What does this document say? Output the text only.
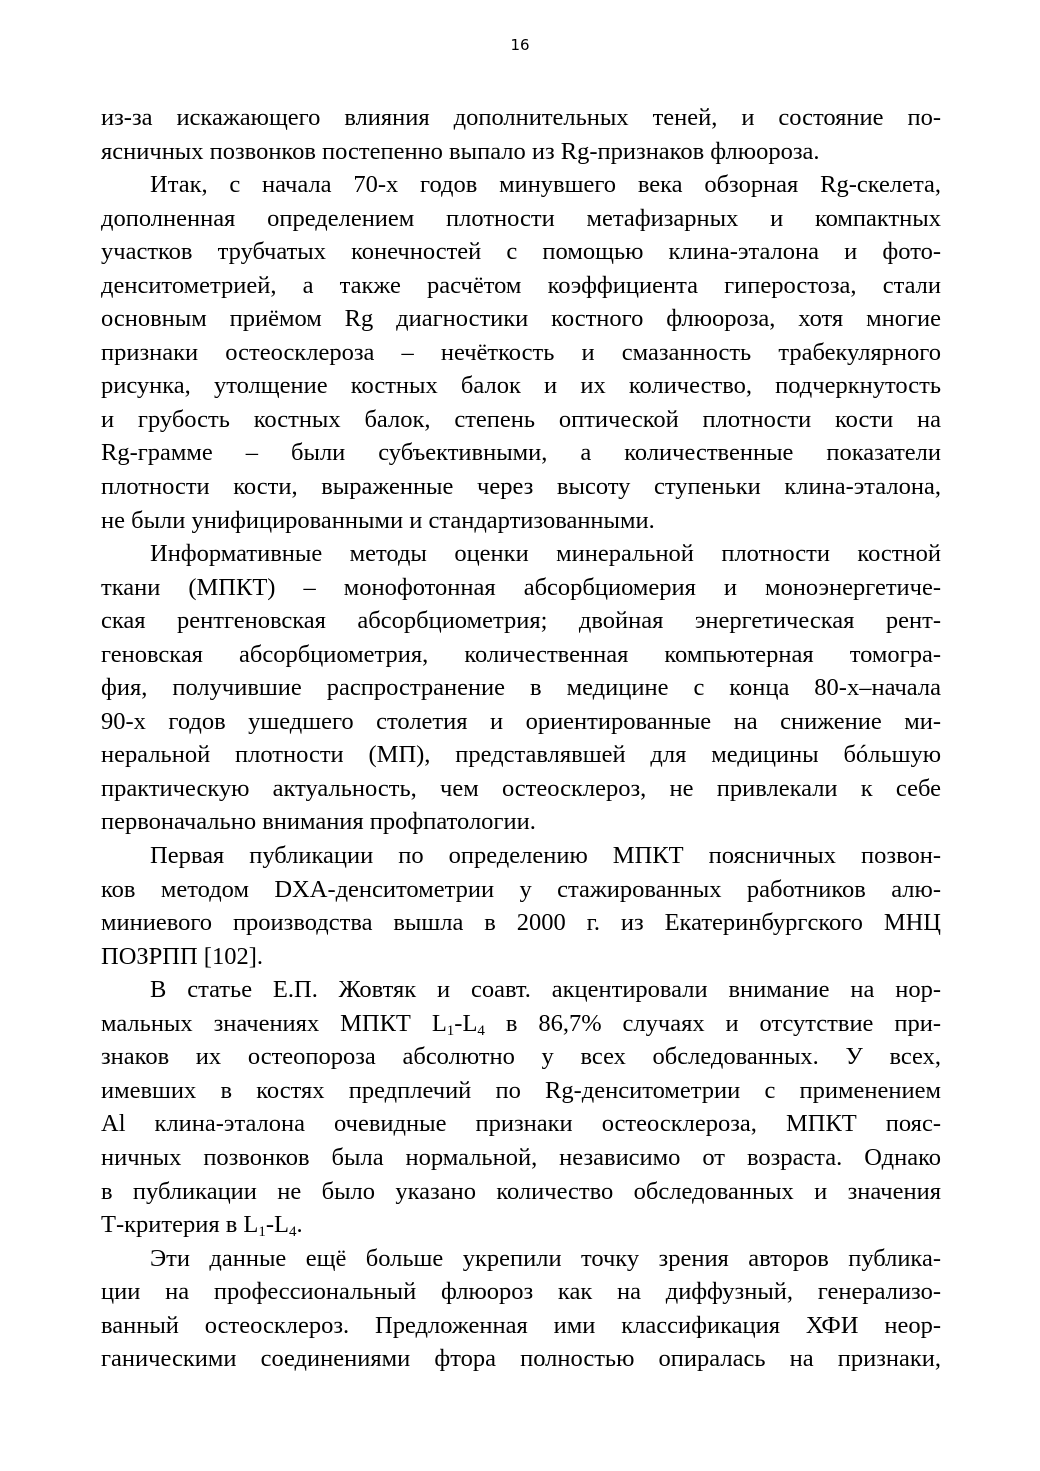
16

из-за искажающего влияния дополнительных теней, и состояние по-

ясничных позвонков постепенно выпало из Rg-признаков флюороза.

Итак, с начала 70-х годов минувшего века обзорная Rg-скелета,

дополненная определением плотности метафизарных и компактных

участков трубчатых конечностей с помощью клина-эталона и фото-

денситометрией, а также расчётом коэффициента гиперостоза, стали

основным приёмом Rg диагностики костного флюороза, хотя многие

признаки остеосклероза – нечёткость и смазанность трабекулярного

рисунка, утолщение костных балок и их количество, подчеркнутость

и грубость костных балок, степень оптической плотности кости на

Rg-грамме – были субъективными, а количественные показатели

плотности кости, выраженные через высоту ступеньки клина-эталона,

не были унифицированными и стандартизованными.

Информативные методы оценки минеральной плотности костной

ткани (МПКТ) – монофотонная абсорбциомерия и моноэнергетиче-

ская рентгеновская абсорбциометрия; двойная энергетическая рент-

геновская абсорбциометрия, количественная компьютерная томогра-

фия, получившие распространение в медицине с конца 80-х–начала

90-х годов ушедшего столетия и ориентированные на снижение ми-

неральной плотности (МП), представлявшей для медицины бóльшую

практическую актуальность, чем остеосклероз, не привлекали к себе

первоначально внимания профпатологии.

Первая публикации по определению МПКТ поясничных позвон-

ков методом DXA-денситометрии у стажированных работников алю-

миниевого производства вышла в 2000 г. из Екатеринбургского МНЦ

ПОЗРПП [102].

В статье Е.П. Жовтяк и соавт. акцентировали внимание на нор-

мальных значениях МПКТ $L_1-L_4$ в 86,7% случаях и отсутствие при-

знаков их остеопороза абсолютно у всех обследованных. У всех,

имевших в костях предплечий по Rg-денситометрии с применением

Al клина-эталона очевидные признаки остеосклероза, МПКТ пояс-

ничных позвонков была нормальной, независимо от возраста. Однако

в публикации не было указано количество обследованных и значения

Т-критерия в $L_1-L_4$.

Эти данные ещё больше укрепили точку зрения авторов публика-

ции на профессиональный флюороз как на диффузный, генерализо-

ванный остеосклероз. Предложенная ими классификация ХФИ неор-

ганическими соединениями фтора полностью опиралась на признаки,
